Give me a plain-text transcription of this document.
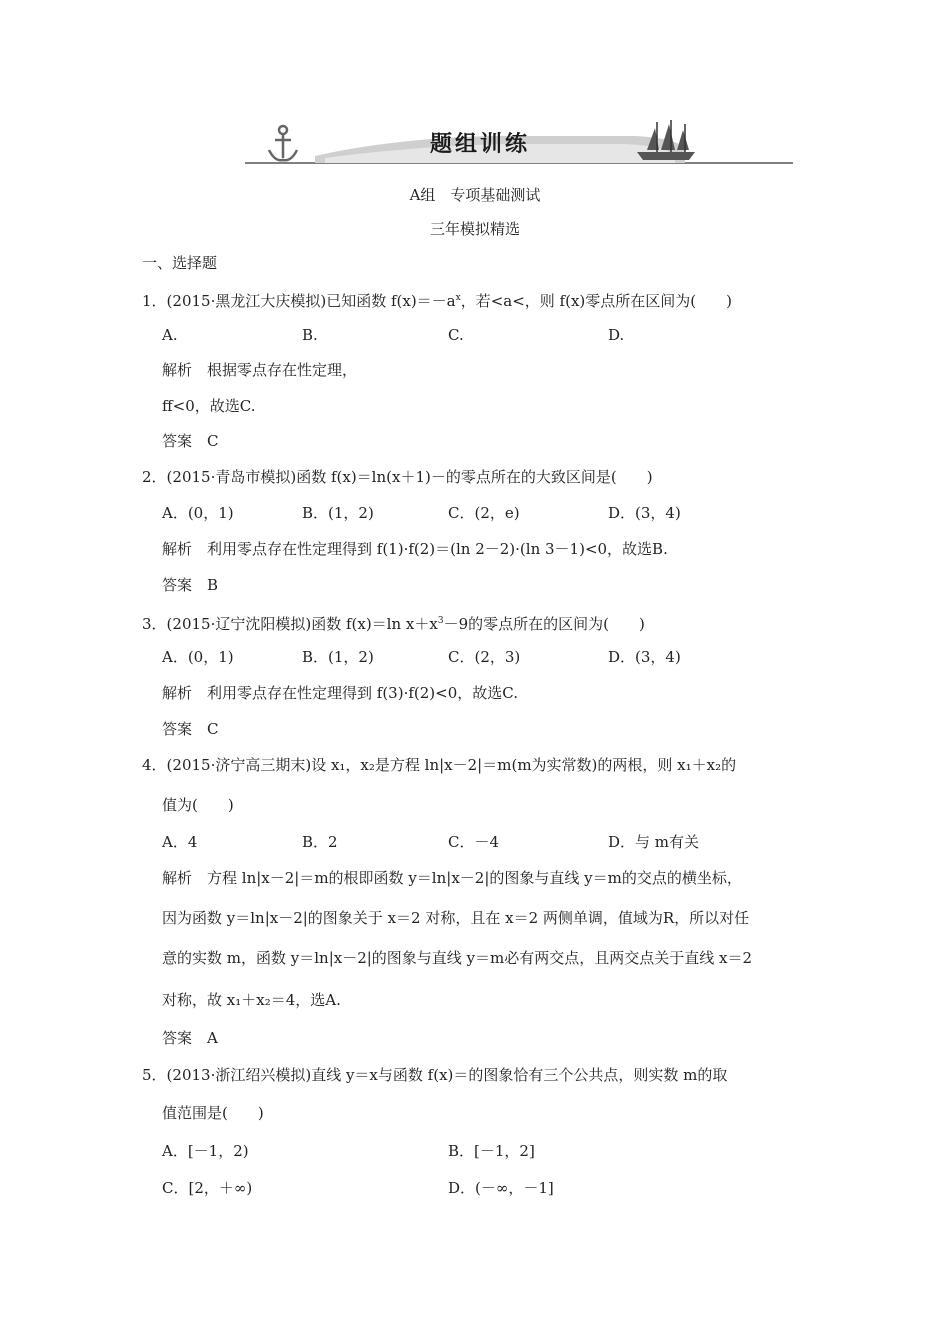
题组训练
A组　专项基础测试
三年模拟精选
一、选择题
1．(2015·黑龙江大庆模拟)已知函数 $f(x)=-a^x$，若<a<，则 f(x)零点所在区间为(　　)
A.	B.	C.	D.
解析　根据零点存在性定理，
ff<0，故选C.
答案　C
2．(2015·青岛市模拟)函数 f(x)＝ln(x＋1)－的零点所在的大致区间是(　　)
A．(0，1)	B．(1，2)	C．(2，e)	D．(3，4)
解析　利用零点存在性定理得到 f(1)·f(2)＝(ln 2－2)·(ln 3－1)<0，故选B.
答案　B
3．(2015·辽宁沈阳模拟)函数 f(x)＝ln $x+x^3-9$的零点所在的区间为(　　)
A．(0，1)	B．(1，2)	C．(2，3)	D．(3，4)
解析　利用零点存在性定理得到 f(3)·f(2)<0，故选C.
答案　C
4．(2015·济宁高三期末)设 x₁，x₂是方程 ln|x－2|＝m(m为实常数)的两根，则 x₁＋x₂的
值为(　　)
A．4	B．2	C．－4	D．与 m有关
解析　方程 ln|x－2|＝m的根即函数 y＝ln|x－2|的图象与直线 y＝m的交点的横坐标，
因为函数 y＝ln|x－2|的图象关于 x＝2 对称，且在 x＝2 两侧单调，值域为R，所以对任
意的实数 m，函数 y＝ln|x－2|的图象与直线 y＝m必有两交点，且两交点关于直线 x＝2
对称，故 x₁＋x₂＝4，选A.
答案　A
5．(2013·浙江绍兴模拟)直线 y＝x与函数 f(x)＝的图象恰有三个公共点，则实数 m的取
值范围是(　　)
A．[－1，2)	B．[－1，2]
C．[2，＋∞)	D．(－∞，－1]
